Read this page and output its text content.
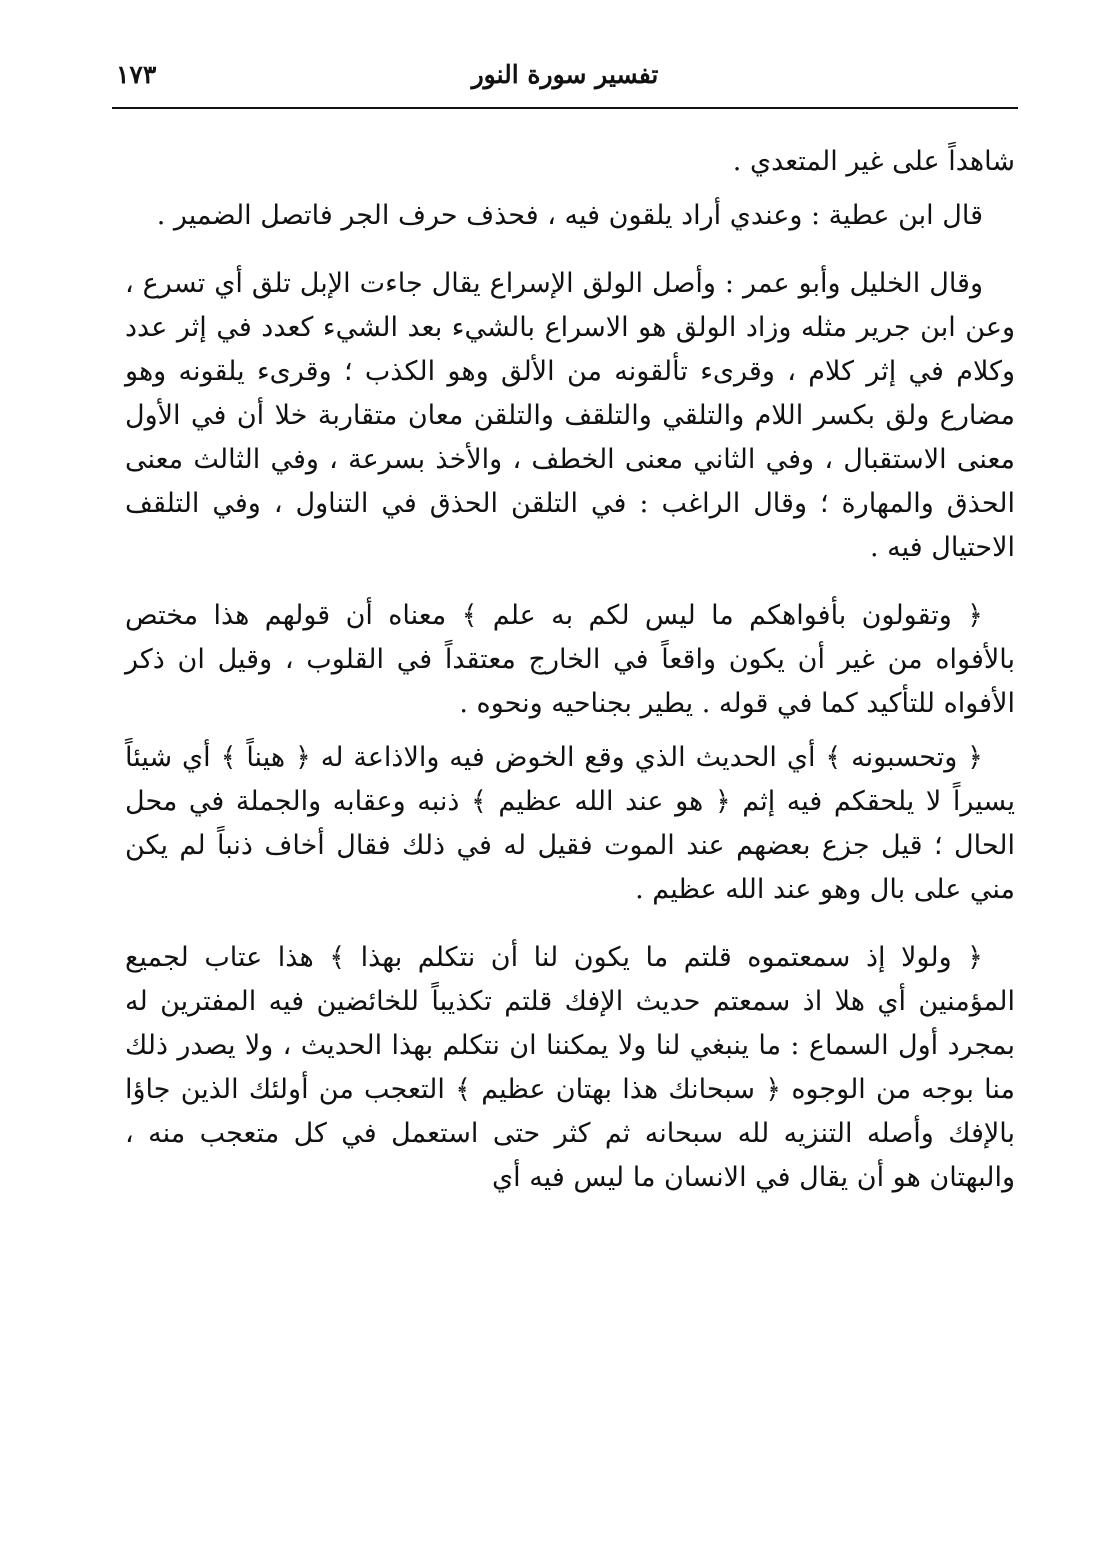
تفسير سورة النور
١٧٣

شاهداً على غير المتعدي .

قال ابن عطية : وعندي أراد يلقون فيه ، فحذف حرف الجر فاتصل الضمير .

وقال الخليل وأبو عمر : وأصل الولق الإسراع يقال جاءت الإبل تلق أي تسرع ، وعن ابن جرير مثله وزاد الولق هو الاسراع بالشيء بعد الشيء كعدد في إثر عدد وكلام في إثر كلام ، وقرىء تألقونه من الألق وهو الكذب ؛ وقرىء يلقونه وهو مضارع ولق بكسر اللام والتلقي والتلقف والتلقن معان متقاربة خلا أن في الأول معنى الاستقبال ، وفي الثاني معنى الخطف ، والأخذ بسرعة ، وفي الثالث معنى الحذق والمهارة ؛ وقال الراغب : في التلقن الحذق في التناول ، وفي التلقف الاحتيال فيه .

﴿ وتقولون بأفواهكم ما ليس لكم به علم ﴾ معناه أن قولهم هذا مختص بالأفواه من غير أن يكون واقعاً في الخارج معتقداً في القلوب ، وقيل ان ذكر الأفواه للتأكيد كما في قوله . يطير بجناحيه ونحوه .

﴿ وتحسبونه ﴾ أي الحديث الذي وقع الخوض فيه والاذاعة له ﴿ هيناً ﴾ أي شيئاً يسيراً لا يلحقكم فيه إثم ﴿ هو عند الله عظيم ﴾ ذنبه وعقابه والجملة في محل الحال ؛ قيل جزع بعضهم عند الموت فقيل له في ذلك فقال أخاف ذنباً لم يكن مني على بال وهو عند الله عظيم .

﴿ ولولا إذ سمعتموه قلتم ما يكون لنا أن نتكلم بهذا ﴾ هذا عتاب لجميع المؤمنين أي هلا اذ سمعتم حديث الإفك قلتم تكذيباً للخائضين فيه المفترين له بمجرد أول السماع : ما ينبغي لنا ولا يمكننا ان نتكلم بهذا الحديث ، ولا يصدر ذلك منا بوجه من الوجوه ﴿ سبحانك هذا بهتان عظيم ﴾ التعجب من أولئك الذين جاؤا بالإفك وأصله التنزيه لله سبحانه ثم كثر حتى استعمل في كل متعجب منه ، والبهتان هو أن يقال في الانسان ما ليس فيه أي
